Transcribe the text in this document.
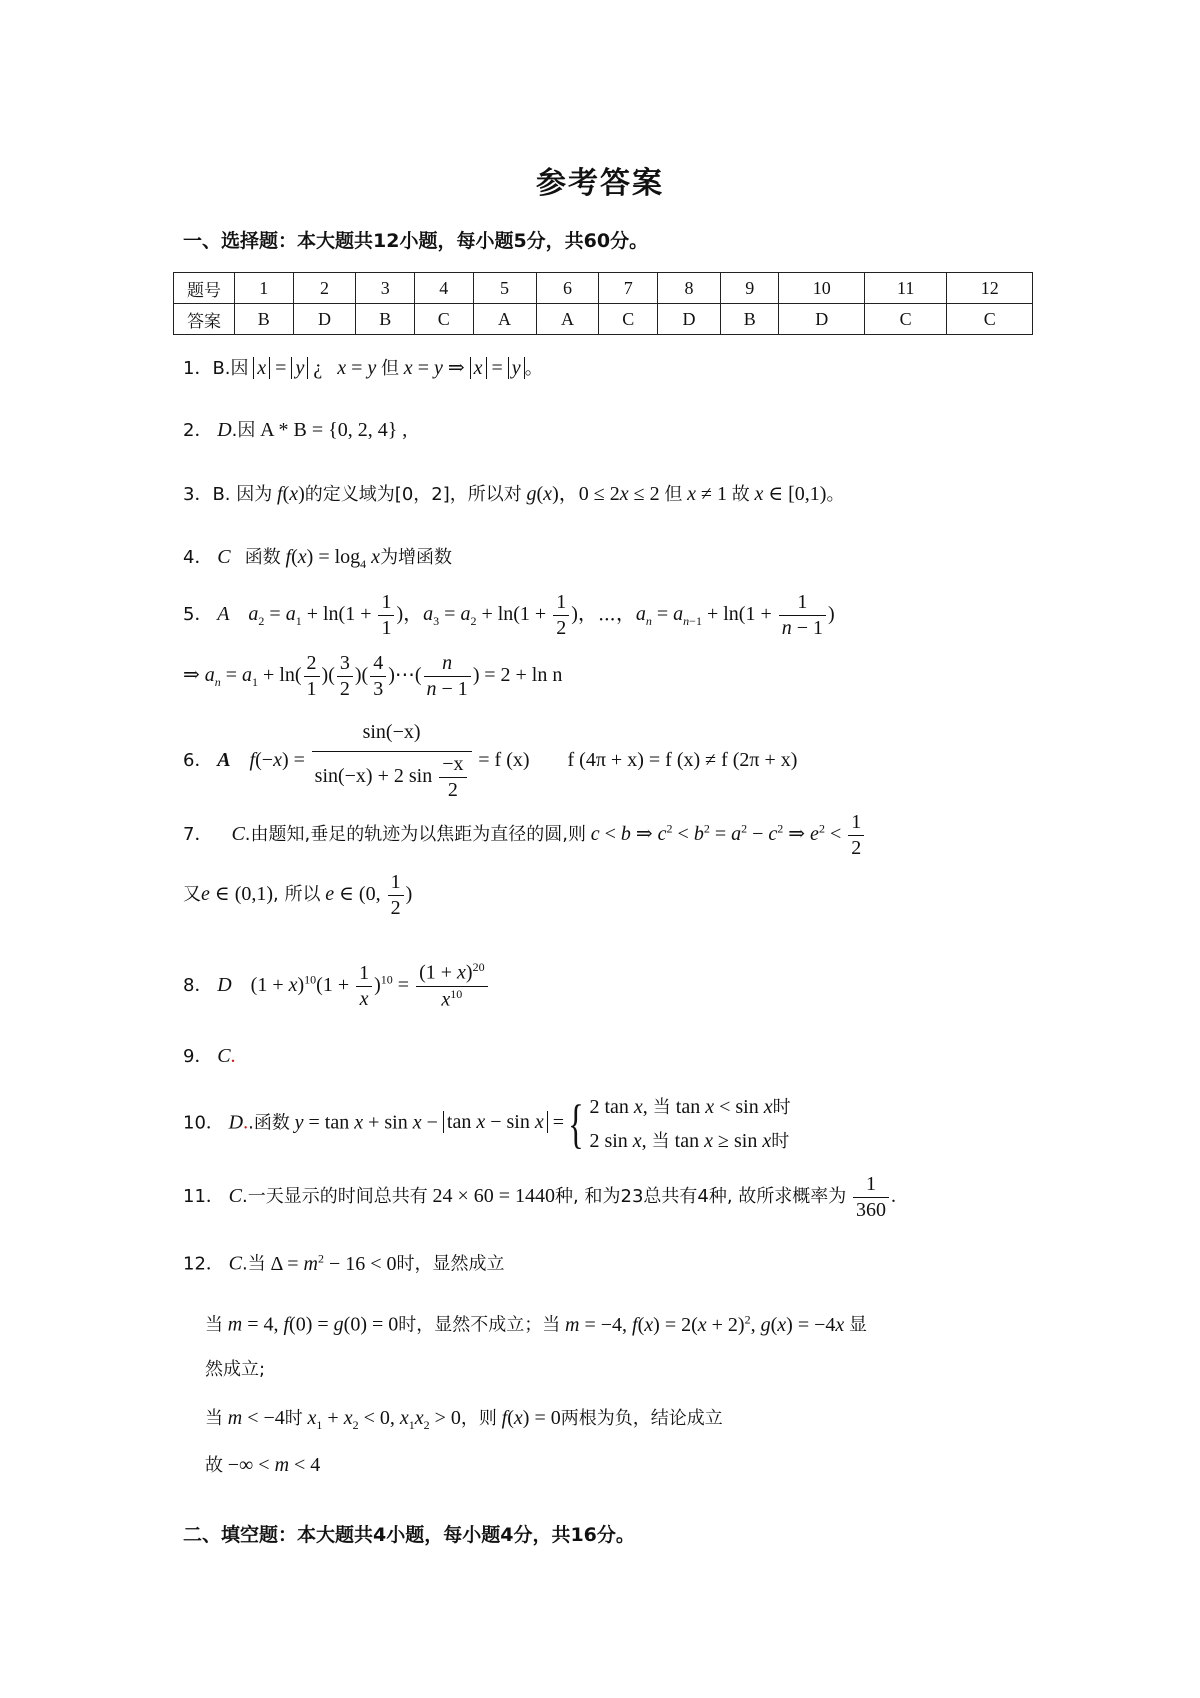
参考答案
一、选择题：本大题共12小题，每小题5分，共60分。
题号	1	2	3	4	5	6	7	8	9	10	11	12
答案	B	D	B	C	A	A	C	D	B	D	C	C
1．B.因 x = y ¿   x = y 但 x = y ⇒ x = y 。
2． D.因 A * B = {0, 2, 4} ,
3．B. 因为 f(x)的定义域为[0，2]，所以对 g(x)，0 ≤ 2x ≤ 2 但 x ≠ 1 故 x ∈ [0,1)。
4． C 函数 $f(x) = \log_4 x$为增函数
5． A $a_2 = a_1 + \ln(1 + \frac{1}{1}$ )，$a_3 = a_2 + \ln(1 + \frac{1}{2}$ )，⋯，$a_n = a_{n-1} + \ln(1 + \frac{1}{n - 1}$ )
⇒ $a_n = a_1 + \ln( \frac{2}{1}$ )( $\frac{3}{2}$ )( $\frac{4}{3}$ )⋯( $\frac{n}{n - 1}$ ) = 2 + ln n
6． A $f(-x) = \frac{\sin(-x)}{\sin(-x) + 2 \sin \frac{-x}{2}} = f$ (x) f (4π + x) = f (x) ≠ f (2π + x)
7． C.由题知,垂足的轨迹为以焦距为直径的圆,则 c < b ⇒ $c^2 < b^2 = a^2 - c^2$ ⇒ $e^2 < \frac{1}{2}$
又e ∈ (0,1), 所以 e ∈ (0, $\frac{1}{2}$ )
8． D $(1 + x)^{10}(1 + \frac{1}{x} )^{10} = \frac{(1 + x)^{20}}{x^{10}}$
9． C.
10． D..函数 y = tan x + sin x − tan x − sin x = { 2 tan x, 当 tan x < sin x时
2 sin x, 当 tan x ≥ sin x时
11． C.一天显示的时间总共有 24 × 60 = 1440种, 和为23总共有4种, 故所求概率为 $\frac{1}{360}$ .
12． C.当 $\Delta = m^2 - 16 < 0$时，显然成立
当 m = 4, f(0) = g(0) = 0时，显然不成立；当 m = −4, $f(x) = 2(x + 2)^2$, g(x) = −4x 显
然成立;
当 m < −4时 $x_1 + x_2 < 0$, $x_1x_2 > 0$，则 f(x) = 0两根为负，结论成立
故 −∞ < m < 4
二、填空题：本大题共4小题，每小题4分，共16分。
